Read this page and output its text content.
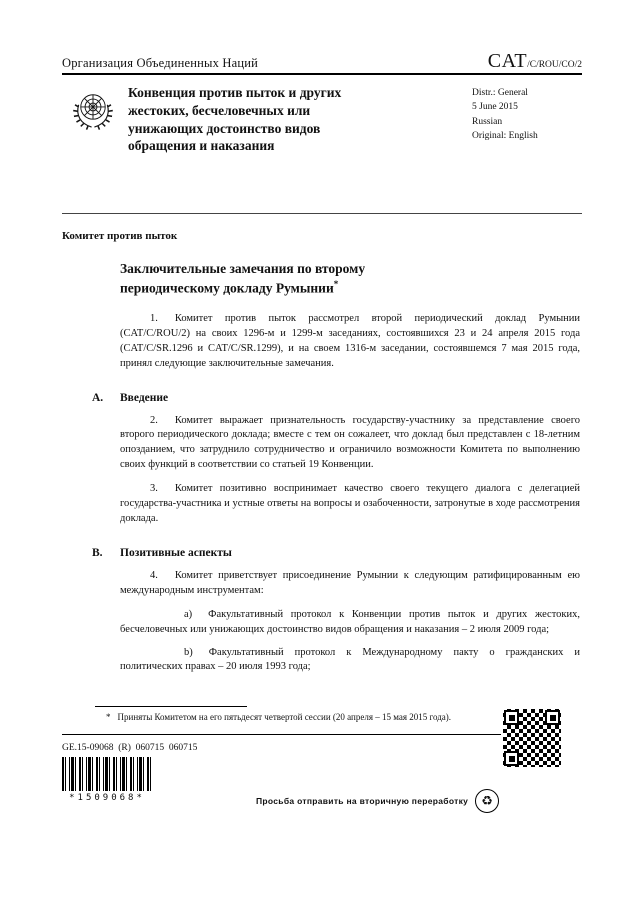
Организация Объединенных Наций	CAT/C/ROU/CO/2
Конвенция против пыток и других жестоких, бесчеловечных или унижающих достоинство видов обращения и наказания
Distr.: General
5 June 2015
Russian
Original: English
Комитет против пыток
Заключительные замечания по второму периодическому докладу Румынии*

1. Комитет против пыток рассмотрел второй периодический доклад Румынии (CAT/C/ROU/2) на своих 1296-м и 1299-м заседаниях, состоявшихся 23 и 24 апреля 2015 года (CAT/C/SR.1296 и CAT/C/SR.1299), и на своем 1316-м заседании, состоявшемся 7 мая 2015 года, принял следующие заключительные замечания.

A. Введение

2. Комитет выражает признательность государству-участнику за представление своего второго периодического доклада; вместе с тем он сожалеет, что доклад был представлен с 18-летним опозданием, что затруднило сотрудничество и ограничило возможности Комитета по выполнению своих функций в соответствии со статьей 19 Конвенции.

3. Комитет позитивно воспринимает качество своего текущего диалога с делегацией государства-участника и устные ответы на вопросы и озабоченности, затронутые в ходе рассмотрения доклада.

B. Позитивные аспекты

4. Комитет приветствует присоединение Румынии к следующим ратифицированным ею международным инструментам:

a) Факультативный протокол к Конвенции против пыток и других жестоких, бесчеловечных или унижающих достоинство видов обращения и наказания – 2 июля 2009 года;

b) Факультативный протокол к Международному пакту о гражданских и политических правах – 20 июля 1993 года;

* Приняты Комитетом на его пятьдесят четвертой сессии (20 апреля – 15 мая 2015 года).
GE.15-09068  (R)  060715  060715
*1509068*	Просьба отправить на вторичную переработку	♻
